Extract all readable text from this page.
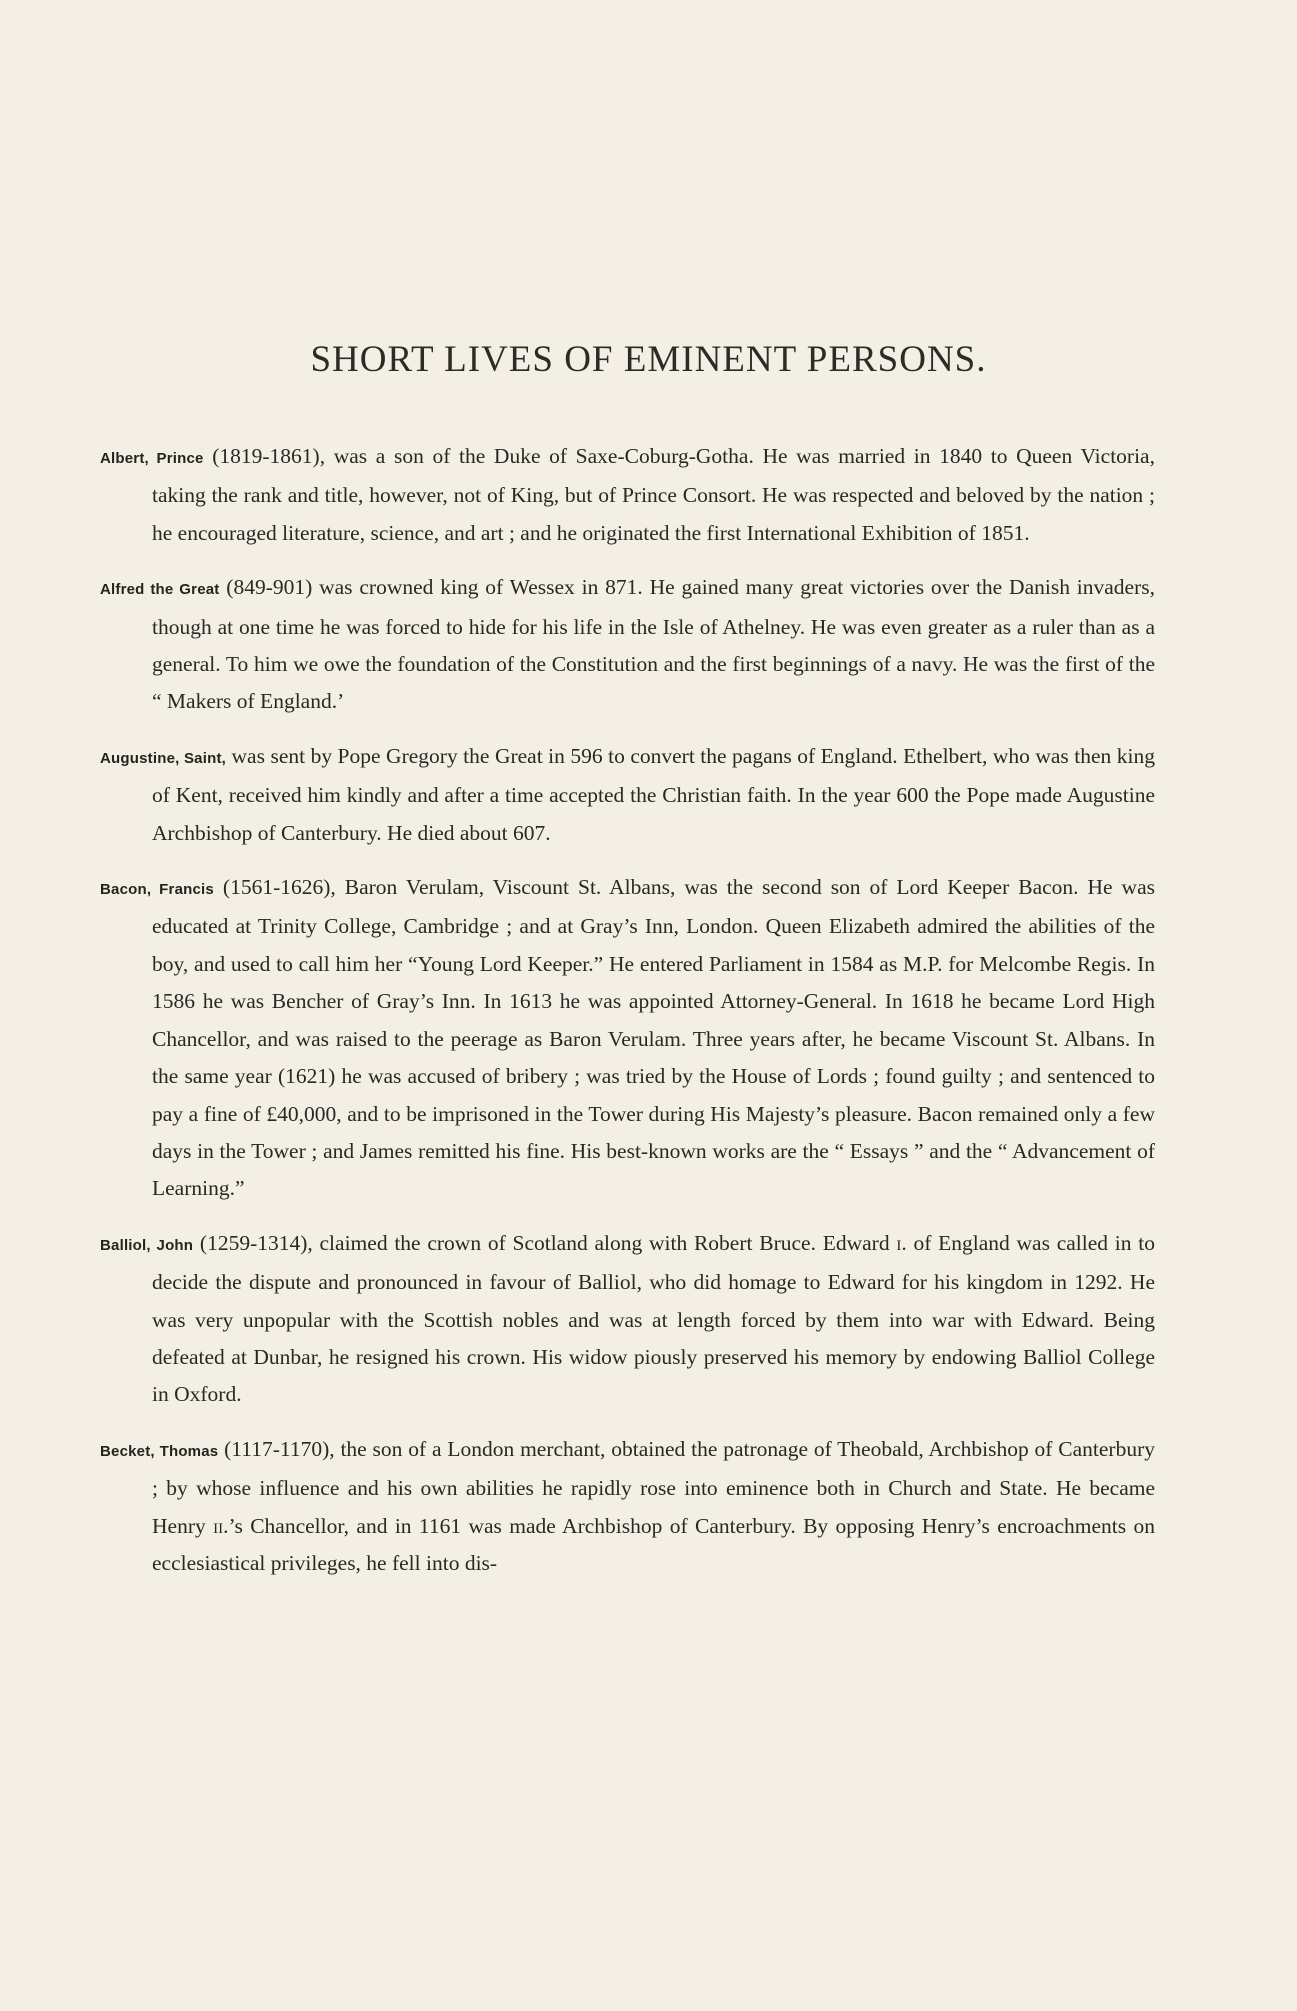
SHORT LIVES OF EMINENT PERSONS.

Albert, Prince (1819-1861), was a son of the Duke of Saxe-Coburg-Gotha. He was married in 1840 to Queen Victoria, taking the rank and title, however, not of King, but of Prince Consort. He was respected and beloved by the nation ; he encouraged literature, science, and art ; and he originated the first International Exhibition of 1851.

Alfred the Great (849-901) was crowned king of Wessex in 871. He gained many great victories over the Danish invaders, though at one time he was forced to hide for his life in the Isle of Athelney. He was even greater as a ruler than as a general. To him we owe the foundation of the Constitution and the first beginnings of a navy. He was the first of the “ Makers of England.’

Augustine, Saint, was sent by Pope Gregory the Great in 596 to convert the pagans of England. Ethelbert, who was then king of Kent, received him kindly and after a time accepted the Christian faith. In the year 600 the Pope made Augustine Archbishop of Canterbury. He died about 607.

Bacon, Francis (1561-1626), Baron Verulam, Viscount St. Albans, was the second son of Lord Keeper Bacon. He was educated at Trinity College, Cambridge ; and at Gray’s Inn, London. Queen Elizabeth admired the abilities of the boy, and used to call him her “Young Lord Keeper.” He entered Parliament in 1584 as M.P. for Melcombe Regis. In 1586 he was Bencher of Gray’s Inn. In 1613 he was appointed Attorney-General. In 1618 he became Lord High Chancellor, and was raised to the peerage as Baron Verulam. Three years after, he became Viscount St. Albans. In the same year (1621) he was accused of bribery ; was tried by the House of Lords ; found guilty ; and sentenced to pay a fine of £40,000, and to be imprisoned in the Tower during His Majesty’s pleasure. Bacon remained only a few days in the Tower ; and James remitted his fine. His best-known works are the “ Essays ” and the “ Advancement of Learning.”

Balliol, John (1259-1314), claimed the crown of Scotland along with Robert Bruce. Edward i. of England was called in to decide the dispute and pronounced in favour of Balliol, who did homage to Edward for his kingdom in 1292. He was very unpopular with the Scottish nobles and was at length forced by them into war with Edward. Being defeated at Dunbar, he resigned his crown. His widow piously preserved his memory by endowing Balliol College in Oxford.

Becket, Thomas (1117-1170), the son of a London merchant, obtained the patronage of Theobald, Archbishop of Canterbury ; by whose influence and his own abilities he rapidly rose into eminence both in Church and State. He became Henry ii.’s Chancellor, and in 1161 was made Archbishop of Canterbury. By opposing Henry’s encroachments on ecclesiastical privileges, he fell into dis-
